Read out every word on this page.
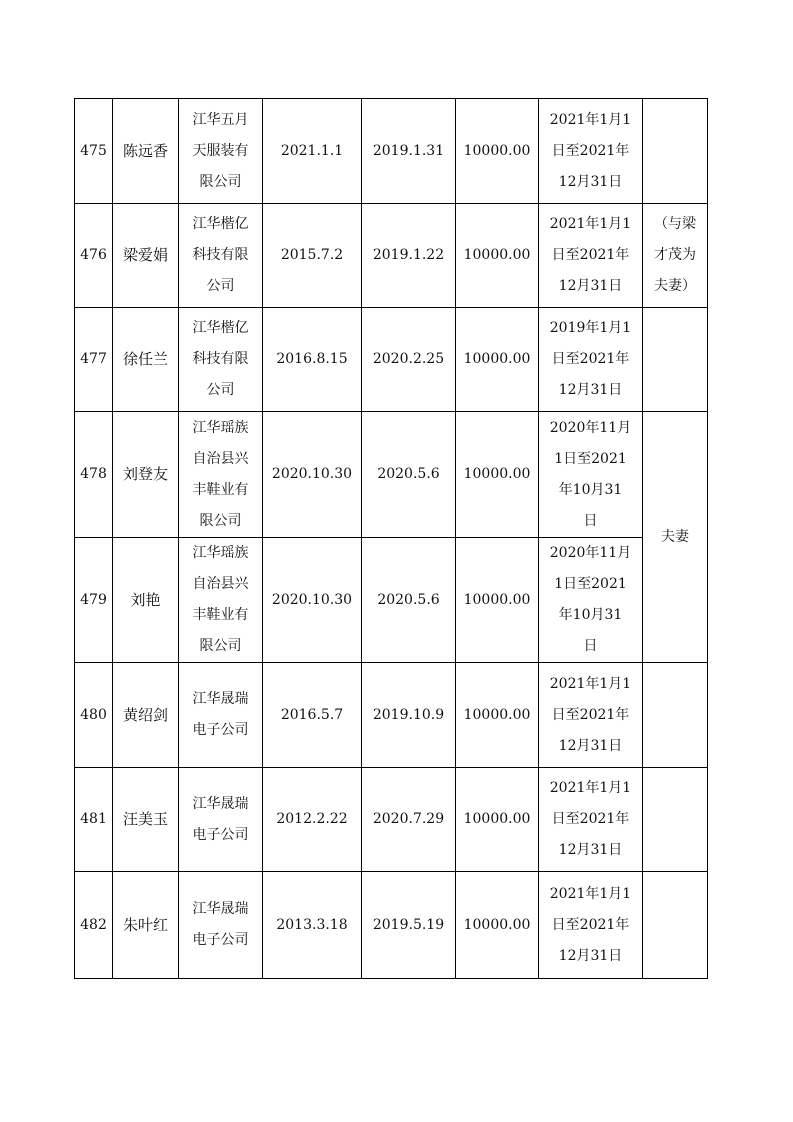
475	陈远香	江华五月
天服装有
限公司	2021.1.1	2019.1.31	10000.00	2021年1月1
日至2021年
12月31日	

476	梁爱娟	江华楷亿
科技有限
公司	2015.7.2	2019.1.22	10000.00	2021年1月1
日至2021年
12月31日	（与梁
才茂为
夫妻）

477	徐任兰	江华楷亿
科技有限
公司	2016.8.15	2020.2.25	10000.00	2019年1月1
日至2021年
12月31日	

478	刘登友	江华瑶族
自治县兴
丰鞋业有
限公司	2020.10.30	2020.5.6	10000.00	2020年11月
1日至2021
年10月31
日	夫妻

479	刘艳	江华瑶族
自治县兴
丰鞋业有
限公司	2020.10.30	2020.5.6	10000.00	2020年11月
1日至2021
年10月31
日	

480	黄绍剑	江华晟瑞
电子公司	2016.5.7	2019.10.9	10000.00	2021年1月1
日至2021年
12月31日	

481	汪美玉	江华晟瑞
电子公司	2012.2.22	2020.7.29	10000.00	2021年1月1
日至2021年
12月31日	

482	朱叶红	江华晟瑞
电子公司	2013.3.18	2019.5.19	10000.00	2021年1月1
日至2021年
12月31日	
